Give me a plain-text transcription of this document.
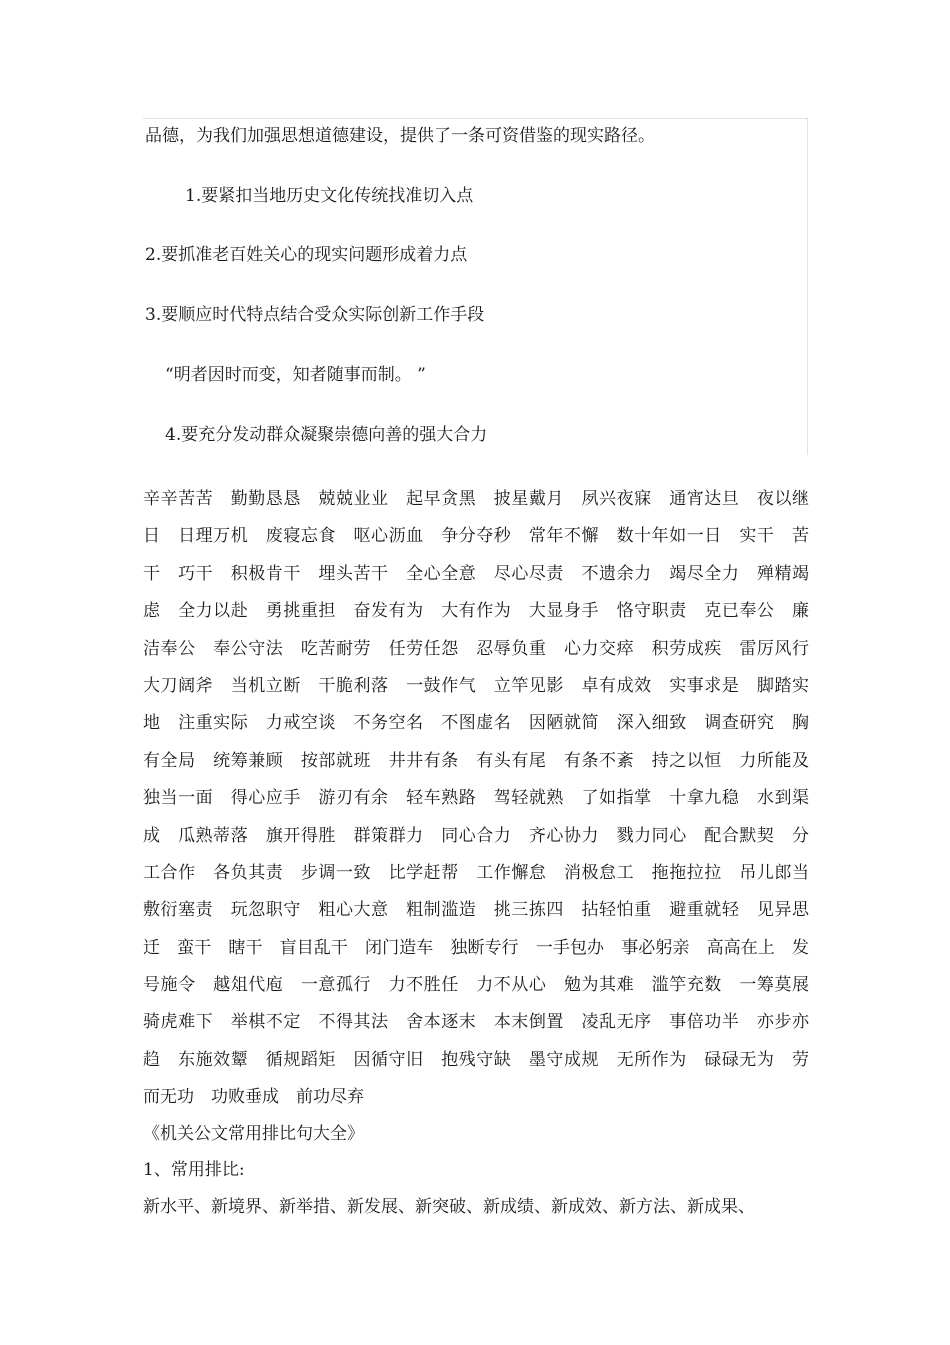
品德，为我们加强思想道德建设，提供了一条可资借鉴的现实路径。
1.要紧扣当地历史文化传统找准切入点
2.要抓准老百姓关心的现实问题形成着力点
3.要顺应时代特点结合受众实际创新工作手段
“明者因时而变，知者随事而制。 ”
4.要充分发动群众凝聚崇德向善的强大合力
辛辛苦苦　勤勤恳恳　兢兢业业　起早贪黑　披星戴月　夙兴夜寐　通宵达旦　夜以继
日　日理万机　废寝忘食　呕心沥血　争分夺秒　常年不懈　数十年如一日　实干　苦
干　巧干　积极肯干　埋头苦干　全心全意　尽心尽责　不遗余力　竭尽全力　殚精竭
虑　全力以赴　勇挑重担　奋发有为　大有作为　大显身手　恪守职责　克已奉公　廉
洁奉公　奉公守法　吃苦耐劳　任劳任怨　忍辱负重　心力交瘁　积劳成疾　雷厉风行
大刀阔斧　当机立断　干脆利落　一鼓作气　立竿见影　卓有成效　实事求是　脚踏实
地　注重实际　力戒空谈　不务空名　不图虚名　因陋就简　深入细致　调查研究　胸
有全局　统筹兼顾　按部就班　井井有条　有头有尾　有条不紊　持之以恒　力所能及
独当一面　得心应手　游刃有余　轻车熟路　驾轻就熟　了如指掌　十拿九稳　水到渠
成　瓜熟蒂落　旗开得胜　群策群力　同心合力　齐心协力　戮力同心　配合默契　分
工合作　各负其责　步调一致　比学赶帮　工作懈怠　消极怠工　拖拖拉拉　吊儿郎当
敷衍塞责　玩忽职守　粗心大意　粗制滥造　挑三拣四　拈轻怕重　避重就轻　见异思
迁　蛮干　瞎干　盲目乱干　闭门造车　独断专行　一手包办　事必躬亲　高高在上　发
号施令　越俎代庖　一意孤行　力不胜任　力不从心　勉为其难　滥竽充数　一筹莫展
骑虎难下　举棋不定　不得其法　舍本逐末　本末倒置　凌乱无序　事倍功半　亦步亦
趋　东施效颦　循规蹈矩　因循守旧　抱残守缺　墨守成规　无所作为　碌碌无为　劳
而无功　功败垂成　前功尽弃
《机关公文常用排比句大全》
1、常用排比:
新水平、新境界、新举措、新发展、新突破、新成绩、新成效、新方法、新成果、
